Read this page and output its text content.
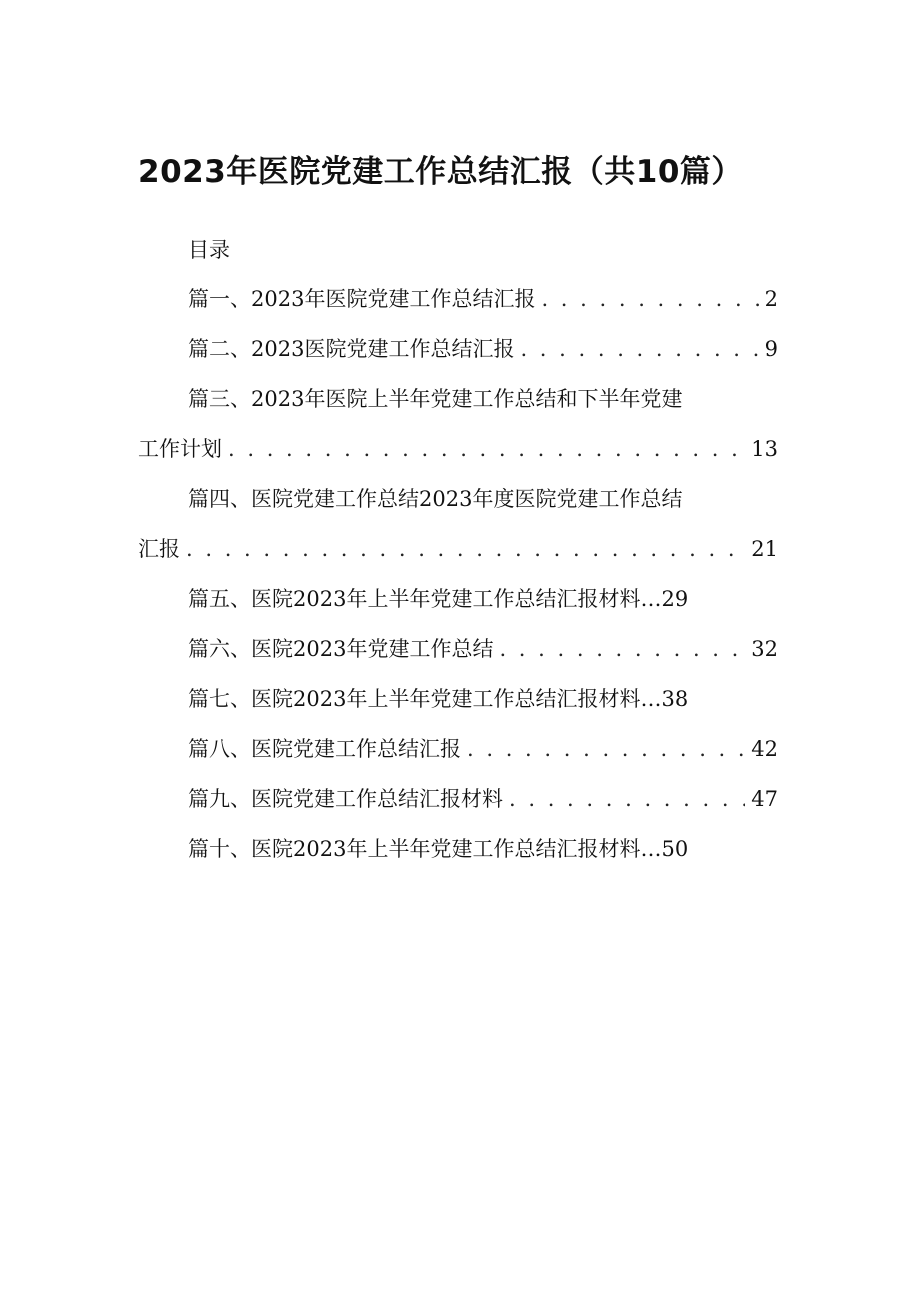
2023年医院党建工作总结汇报（共10篇）
目录
篇一、2023年医院党建工作总结汇报 . . .	2
篇二、2023医院党建工作总结汇报 . . .	9
篇三、2023年医院上半年党建工作总结和下半年党建
工作计划 . . .	13
篇四、医院党建工作总结2023年度医院党建工作总结
汇报 . . .	21
篇五、医院2023年上半年党建工作总结汇报材料…29
篇六、医院2023年党建工作总结 . . .	32
篇七、医院2023年上半年党建工作总结汇报材料…38
篇八、医院党建工作总结汇报 . . .	42
篇九、医院党建工作总结汇报材料 . . .	47
篇十、医院2023年上半年党建工作总结汇报材料…50
